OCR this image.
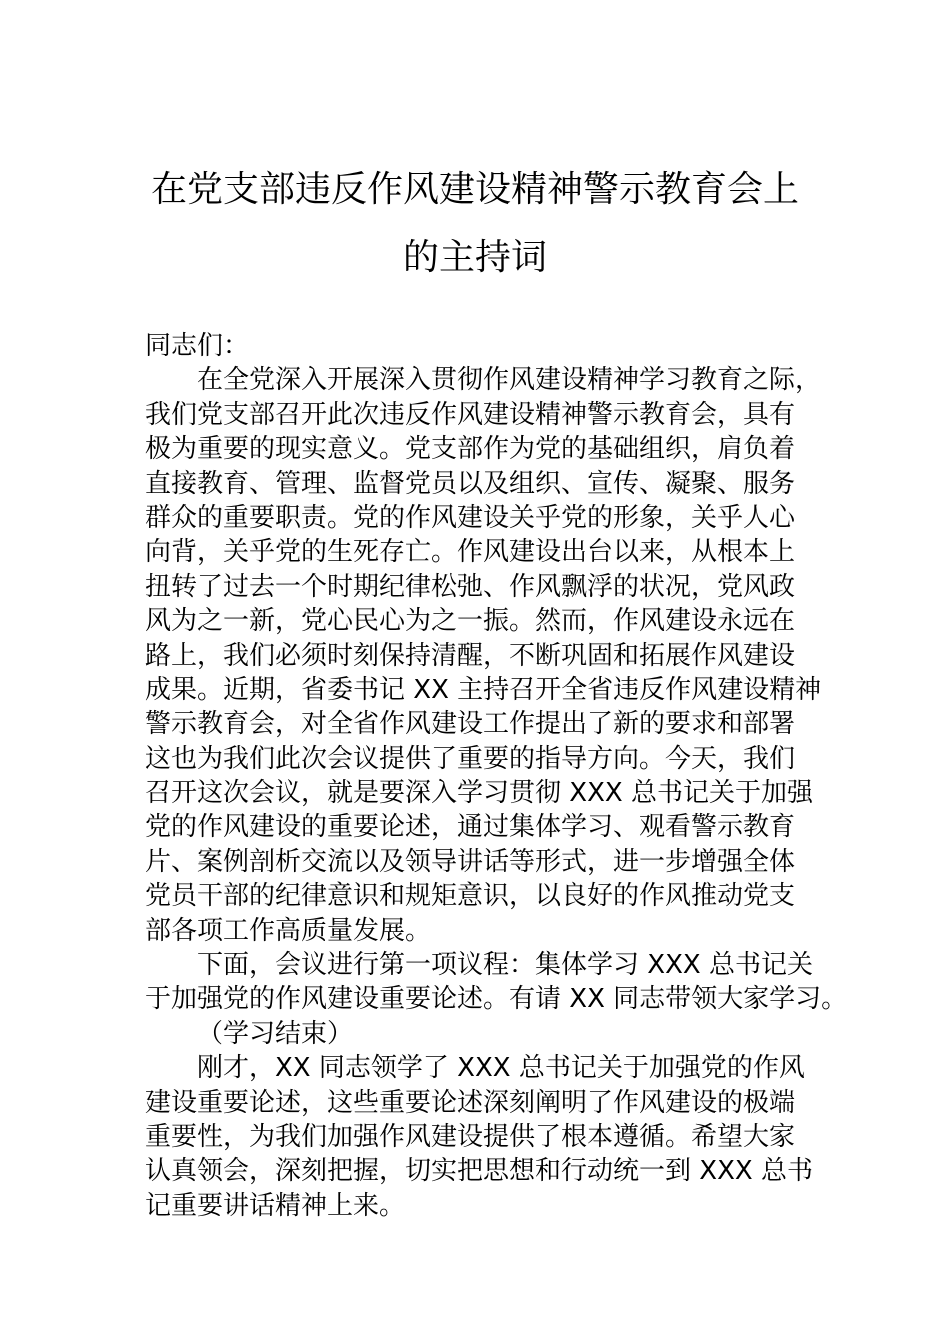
在党支部违反作风建设精神警示教育会上
的主持词
同志们：
在全党深入开展深入贯彻作风建设精神学习教育之际，
我们党支部召开此次违反作风建设精神警示教育会，具有
极为重要的现实意义。党支部作为党的基础组织，肩负着
直接教育、管理、监督党员以及组织、宣传、凝聚、服务
群众的重要职责。党的作风建设关乎党的形象，关乎人心
向背，关乎党的生死存亡。作风建设出台以来，从根本上
扭转了过去一个时期纪律松弛、作风飘浮的状况，党风政
风为之一新，党心民心为之一振。然而，作风建设永远在
路上，我们必须时刻保持清醒，不断巩固和拓展作风建设
成果。近期，省委书记 XX 主持召开全省违反作风建设精神
警示教育会，对全省作风建设工作提出了新的要求和部署
这也为我们此次会议提供了重要的指导方向。今天，我们
召开这次会议，就是要深入学习贯彻 XXX 总书记关于加强
党的作风建设的重要论述，通过集体学习、观看警示教育
片、案例剖析交流以及领导讲话等形式，进一步增强全体
党员干部的纪律意识和规矩意识，以良好的作风推动党支
部各项工作高质量发展。
下面，会议进行第一项议程：集体学习 XXX 总书记关
于加强党的作风建设重要论述。有请 XX 同志带领大家学习。
（学习结束）
刚才，XX 同志领学了 XXX 总书记关于加强党的作风
建设重要论述，这些重要论述深刻阐明了作风建设的极端
重要性，为我们加强作风建设提供了根本遵循。希望大家
认真领会，深刻把握，切实把思想和行动统一到 XXX 总书
记重要讲话精神上来。
